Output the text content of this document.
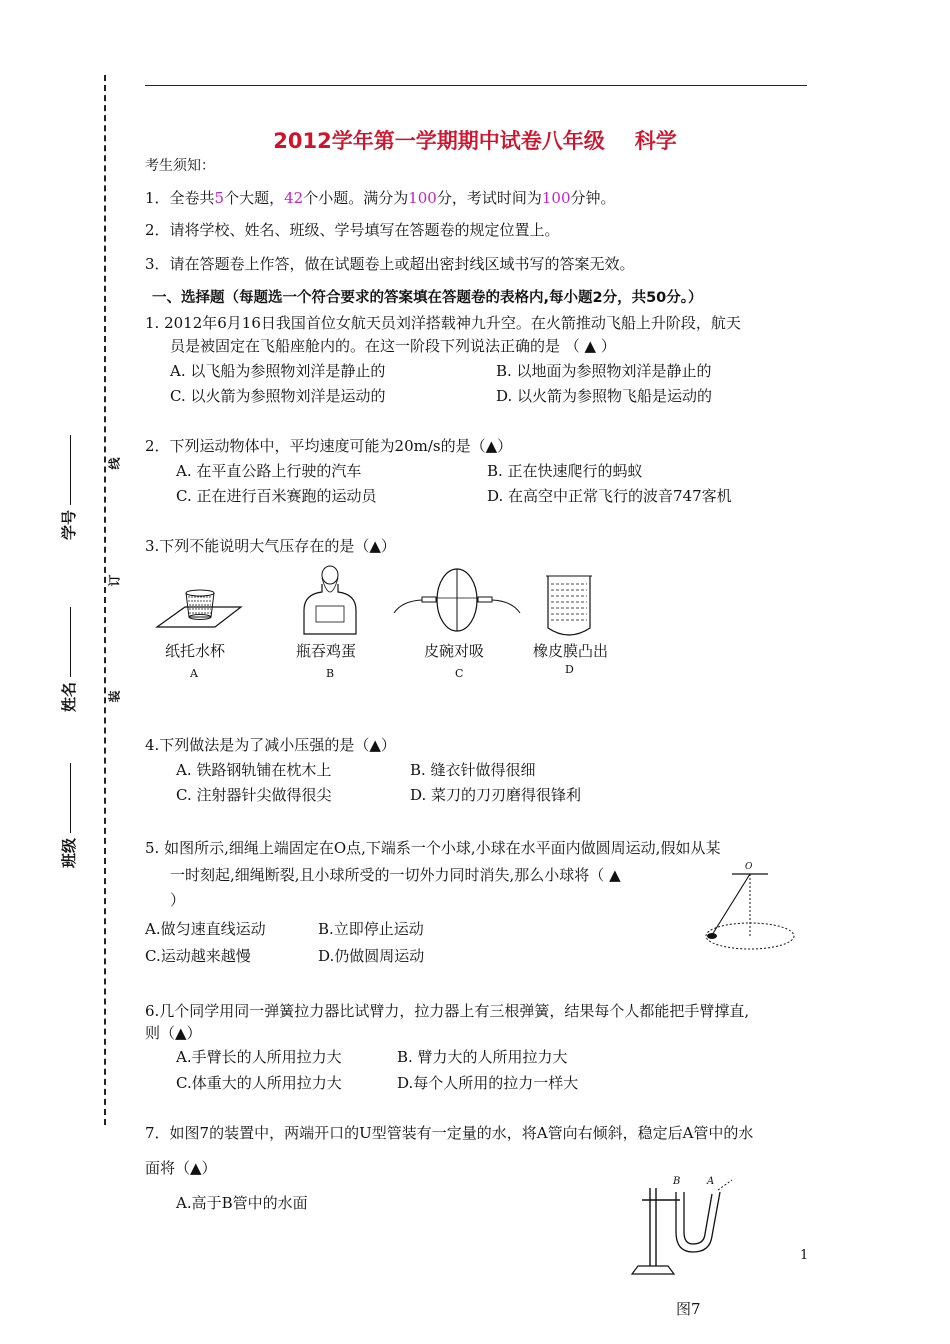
学号
姓名
班级
线
订
装
2012学年第一学期期中试卷八年级 科学
考生须知：
1．全卷共5个大题，42个小题。满分为100分，考试时间为100分钟。
2．请将学校、姓名、班级、学号填写在答题卷的规定位置上。
3．请在答题卷上作答，做在试题卷上或超出密封线区域书写的答案无效。
一、选择题（每题选一个符合要求的答案填在答题卷的表格内,每小题2分，共50分。）
1. 2012年6月16日我国首位女航天员刘洋搭载神九升空。在火箭推动飞船上升阶段，航天
员是被固定在飞船座舱内的。在这一阶段下列说法正确的是 （ ▲ ）
A. 以飞船为参照物刘洋是静止的	B. 以地面为参照物刘洋是静止的
C. 以火箭为参照物刘洋是运动的	D. 以火箭为参照物飞船是运动的
2．下列运动物体中，平均速度可能为20m/s的是（▲）
A. 在平直公路上行驶的汽车	B. 正在快速爬行的蚂蚁
C. 正在进行百米赛跑的运动员	D. 在高空中正常飞行的波音747客机
3.下列不能说明大气压存在的是（▲）
纸托水杯
A
瓶吞鸡蛋
B
皮碗对吸
C
橡皮膜凸出
D
4.下列做法是为了减小压强的是（▲）
A. 铁路钢轨铺在枕木上	B. 缝衣针做得很细
C. 注射器针尖做得很尖	D. 菜刀的刀刃磨得很锋利
5. 如图所示,细绳上端固定在O点,下端系一个小球,小球在水平面内做圆周运动,假如从某
一时刻起,细绳断裂,且小球所受的一切外力同时消失,那么小球将（ ▲
）
A.做匀速直线运动	B.立即停止运动
C.运动越来越慢	D.仍做圆周运动
O
6.几个同学用同一弹簧拉力器比试臂力，拉力器上有三根弹簧，结果每个人都能把手臂撑直,
则（▲）
A.手臂长的人所用拉力大	B. 臂力大的人所用拉力大
C.体重大的人所用拉力大	D.每个人所用的拉力一样大
7．如图7的装置中，两端开口的U型管装有一定量的水，将A管向右倾斜，稳定后A管中的水
面将（▲）
A.高于B管中的水面
B	A
1
图7
